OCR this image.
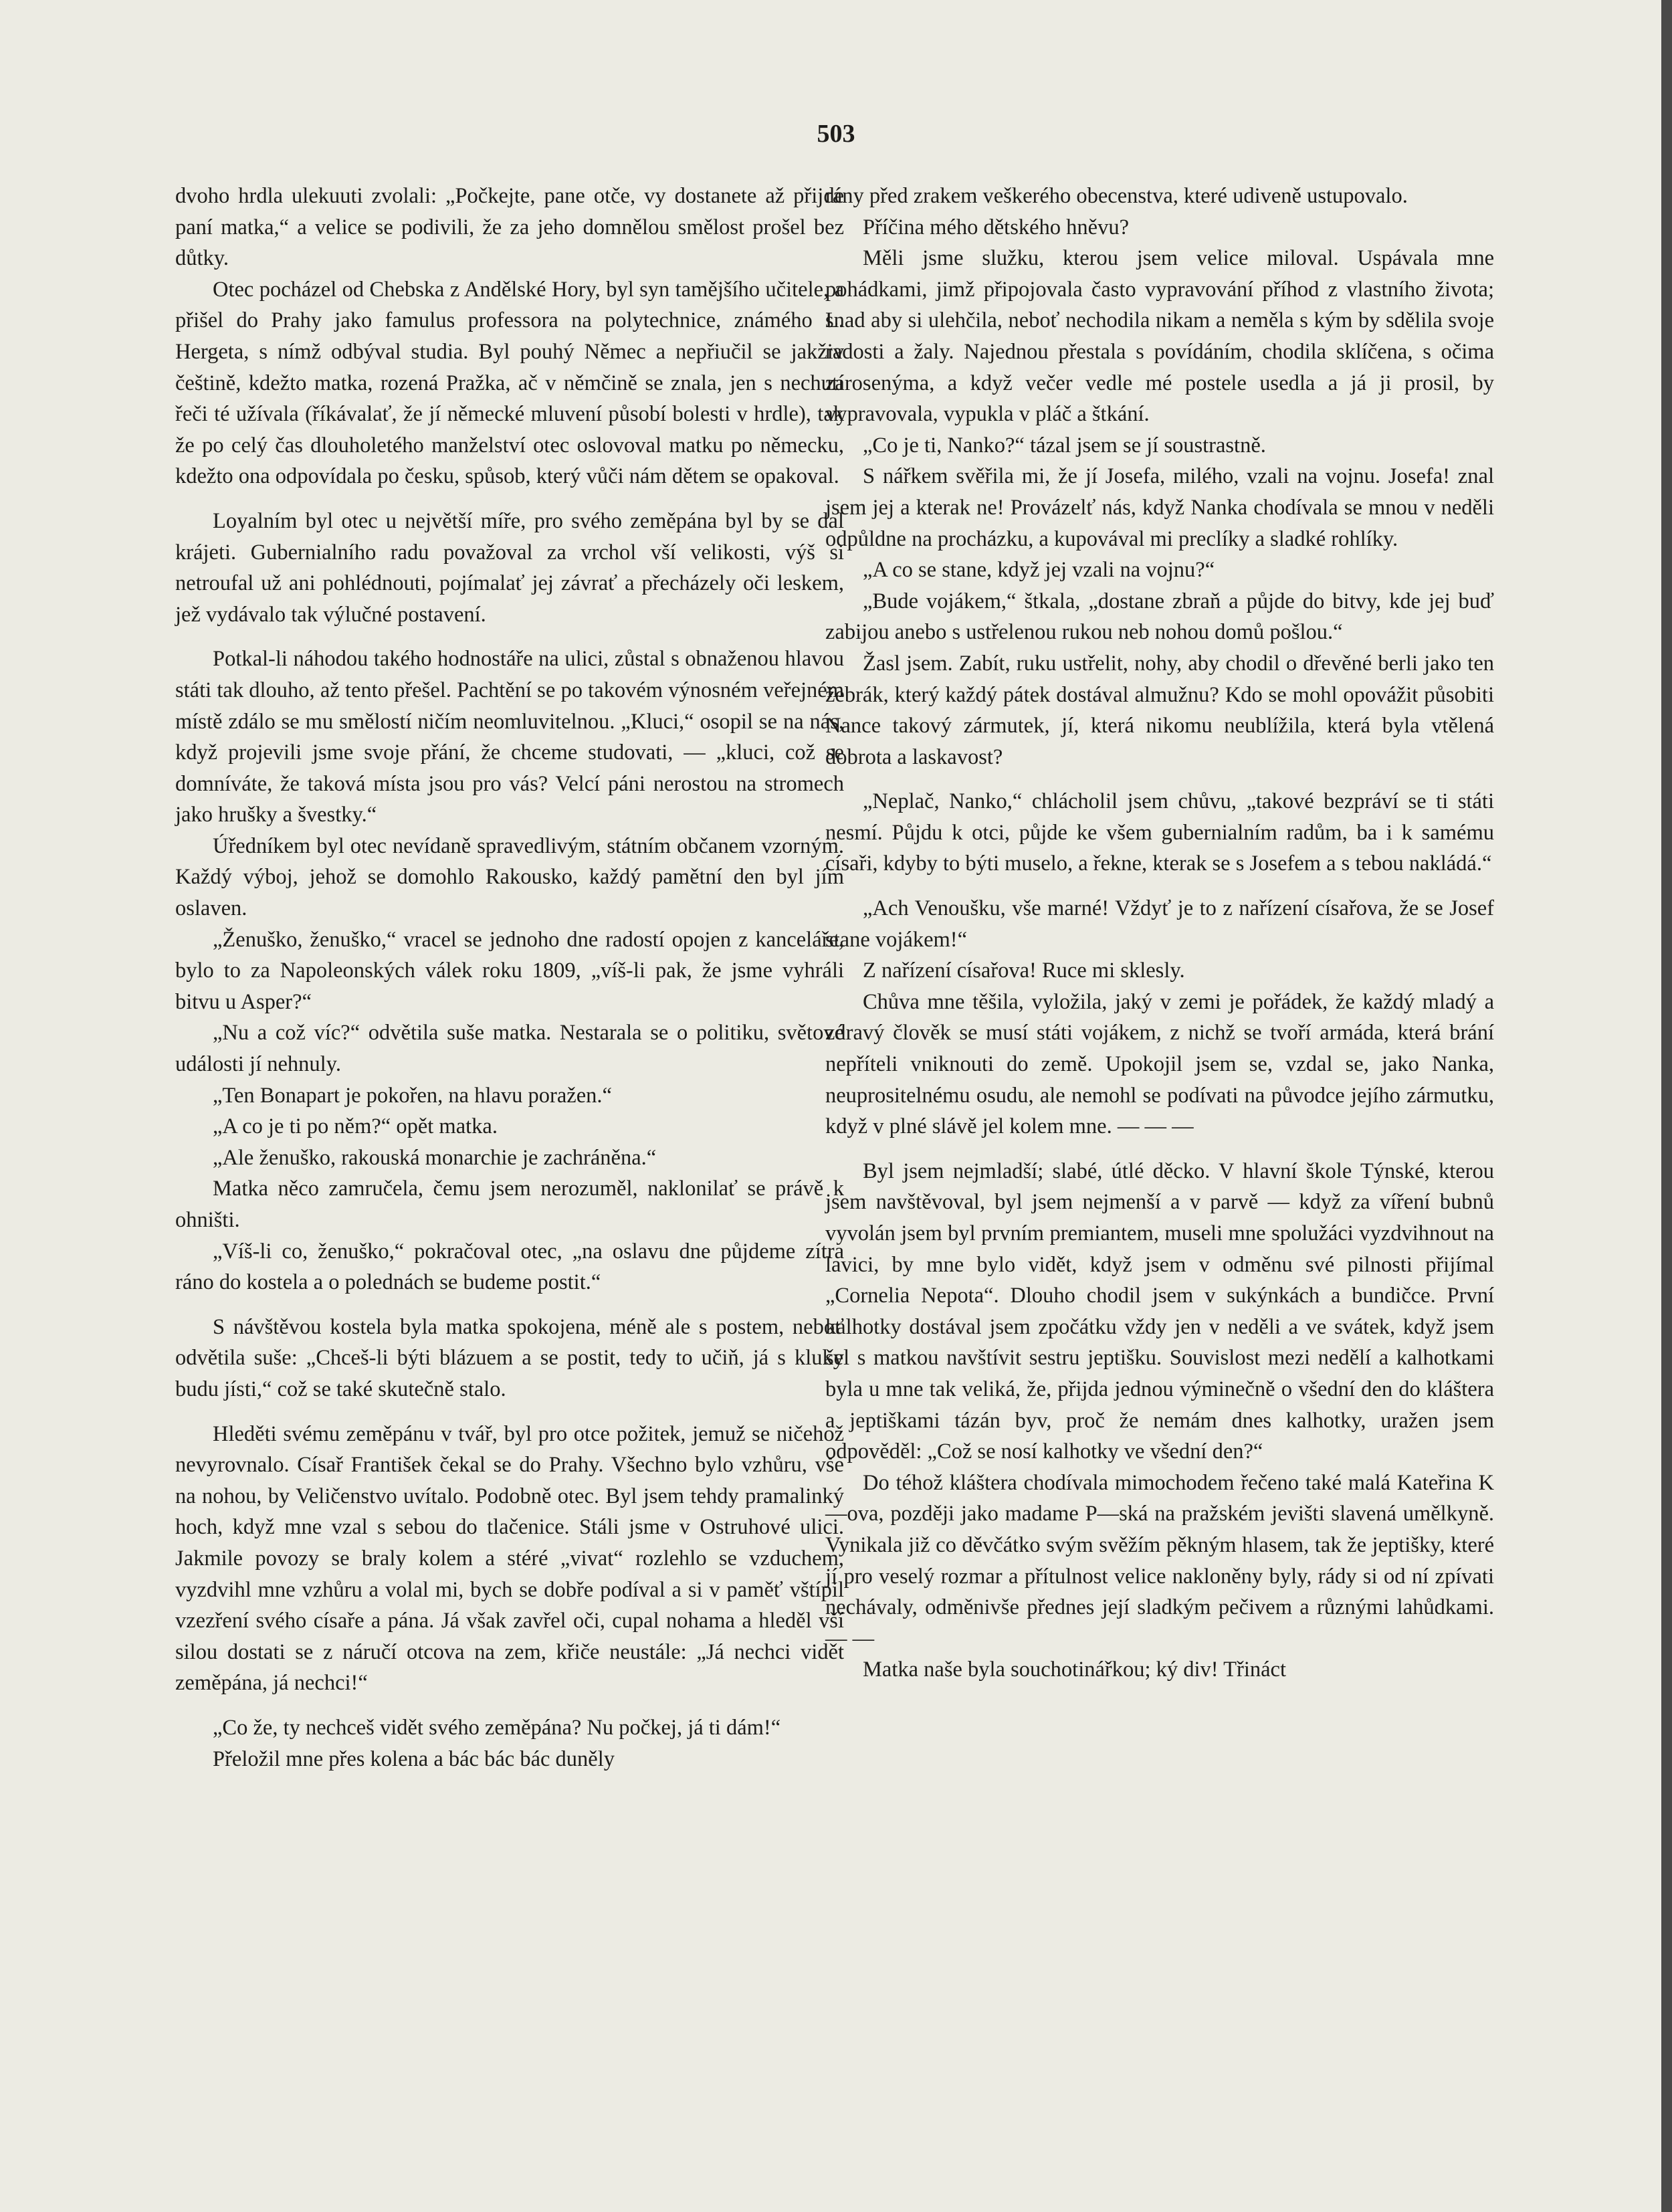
503

dvoho hrdla ulekuuti zvolali: „Počkejte, pane otče, vy dostanete až přijde paní matka,“ a velice se podivili, že za jeho domnělou smělost prošel bez důtky.

Otec pocházel od Chebska z Andělské Hory, byl syn tamějšího učitele, a přišel do Prahy jako famulus professora na polytechnice, známého L. Hergeta, s nímž odbýval studia. Byl pouhý Němec a nepřiučil se jakživ češtině, kdežto matka, rozená Pražka, ač v němčině se znala, jen s nechutí řeči té užívala (říkávalať, že jí německé mluvení působí bolesti v hrdle), tak že po celý čas dlouholetého manželství otec oslovoval matku po německu, kdežto ona odpovídala po česku, spůsob, který vůči nám dětem se opakoval.

Loyalním byl otec u největší míře, pro svého zeměpána byl by se dal krájeti. Gubernialního radu považoval za vrchol vší velikosti, výš si netroufal už ani pohlédnouti, pojímalať jej závrať a přecházely oči leskem, jež vydávalo tak výlučné postavení.

Potkal-li náhodou takého hodnostáře na ulici, zůstal s obnaženou hlavou státi tak dlouho, až tento přešel. Pachtění se po takovém výnosném veřejném místě zdálo se mu smělostí ničím neomluvitelnou. „Kluci,“ osopil se na nás, když projevili jsme svoje přání, že chceme studovati, — „kluci, což se domníváte, že taková místa jsou pro vás? Velcí páni nerostou na stromech jako hrušky a švestky.“

Úředníkem byl otec nevídaně spravedlivým, státním občanem vzorným. Každý výboj, jehož se domohlo Rakousko, každý pamětní den byl jím oslaven.

„Ženuško, ženuško,“ vracel se jednoho dne radostí opojen z kanceláře, bylo to za Napoleonských válek roku 1809, „víš-li pak, že jsme vyhráli bitvu u Asper?“

„Nu a což víc?“ odvětila suše matka. Nestarala se o politiku, světové události jí nehnuly.

„Ten Bonapart je pokořen, na hlavu poražen.“

„A co je ti po něm?“ opět matka.

„Ale ženuško, rakouská monarchie je zachráněna.“

Matka něco zamručela, čemu jsem nerozuměl, naklonilať se právě k ohništi.

„Víš-li co, ženuško,“ pokračoval otec, „na oslavu dne půjdeme zítra ráno do kostela a o polednách se budeme postit.“

S návštěvou kostela byla matka spokojena, méně ale s postem, neboť odvětila suše: „Chceš-li býti blázuem a se postit, tedy to učiň, já s kluky budu jísti,“ což se také skutečně stalo.

Hleděti svému zeměpánu v tvář, byl pro otce požitek, jemuž se ničehož nevyrovnalo. Císař František čekal se do Prahy. Všechno bylo vzhůru, vše na nohou, by Veličenstvo uvítalo. Podobně otec. Byl jsem tehdy pramalinký hoch, když mne vzal s sebou do tlačenice. Stáli jsme v Ostruhové ulici. Jakmile povozy se braly kolem a stéré „vivat“ rozlehlo se vzduchem, vyzdvihl mne vzhůru a volal mi, bych se dobře podíval a si v paměť vštípil vzezření svého císaře a pána. Já však zavřel oči, cupal nohama a hleděl vší silou dostati se z náručí otcova na zem, křiče neustále: „Já nechci vidět zeměpána, já nechci!“

„Co že, ty nechceš vidět svého zeměpána? Nu počkej, já ti dám!“

Přeložil mne přes kolena a bác bác bác duněly

rány před zrakem veškerého obecenstva, které udiveně ustupovalo.

Příčina mého dětského hněvu?

Měli jsme služku, kterou jsem velice miloval. Uspávala mne pohádkami, jimž připojovala často vypravování příhod z vlastního života; snad aby si ulehčila, neboť nechodila nikam a neměla s kým by sdělila svoje radosti a žaly. Najednou přestala s povídáním, chodila sklíčena, s očima zarosenýma, a když večer vedle mé postele usedla a já ji prosil, by vypravovala, vypukla v pláč a štkání.

„Co je ti, Nanko?“ tázal jsem se jí soustrastně.

S nářkem svěřila mi, že jí Josefa, milého, vzali na vojnu. Josefa! znal jsem jej a kterak ne! Provázelť nás, když Nanka chodívala se mnou v neděli odpůldne na procházku, a kupovával mi preclíky a sladké rohlíky.

„A co se stane, když jej vzali na vojnu?“

„Bude vojákem,“ štkala, „dostane zbraň a půjde do bitvy, kde jej buď zabijou anebo s ustřelenou rukou neb nohou domů pošlou.“

Žasl jsem. Zabít, ruku ustřelit, nohy, aby chodil o dřevěné berli jako ten žebrák, který každý pátek dostával almužnu? Kdo se mohl opovážit působiti Nance takový zármutek, jí, která nikomu neublížila, která byla vtělená dobrota a laskavost?

„Neplač, Nanko,“ chlácholil jsem chůvu, „takové bezpráví se ti státi nesmí. Půjdu k otci, půjde ke všem gubernialním radům, ba i k samému císaři, kdyby to býti muselo, a řekne, kterak se s Josefem a s tebou nakládá.“

„Ach Venoušku, vše marné! Vždyť je to z nařízení císařova, že se Josef stane vojákem!“

Z nařízení císařova! Ruce mi sklesly.

Chůva mne těšila, vyložila, jaký v zemi je pořádek, že každý mladý a zdravý člověk se musí státi vojákem, z nichž se tvoří armáda, která brání nepříteli vniknouti do země. Upokojil jsem se, vzdal se, jako Nanka, neuprositelnému osudu, ale nemohl se podívati na původce jejího zármutku, když v plné slávě jel kolem mne. — — —

Byl jsem nejmladší; slabé, útlé děcko. V hlavní škole Týnské, kterou jsem navštěvoval, byl jsem nejmenší a v parvě — když za víření bubnů vyvolán jsem byl prvním premiantem, museli mne spolužáci vyzdvihnout na lavici, by mne bylo vidět, když jsem v odměnu své pilnosti přijímal „Cornelia Nepota“. Dlouho chodil jsem v sukýnkách a bundičce. První kalhotky dostával jsem zpočátku vždy jen v neděli a ve svátek, když jsem šel s matkou navštívit sestru jeptišku. Souvislost mezi nedělí a kalhotkami byla u mne tak veliká, že, přijda jednou výminečně o všední den do kláštera a jeptiškami tázán byv, proč že nemám dnes kalhotky, uražen jsem odpověděl: „Což se nosí kalhotky ve všední den?“

Do téhož kláštera chodívala mimochodem řečeno také malá Kateřina K—ova, později jako madame P—ská na pražském jevišti slavená umělkyně. Vynikala již co děvčátko svým svěžím pěkným hlasem, tak že jeptišky, které jí pro veselý rozmar a přítulnost velice nakloněny byly, rády si od ní zpívati nechávaly, odměnivše přednes její sladkým pečivem a různými lahůdkami. — —

Matka naše byla souchotinářkou; ký div! Třináct
